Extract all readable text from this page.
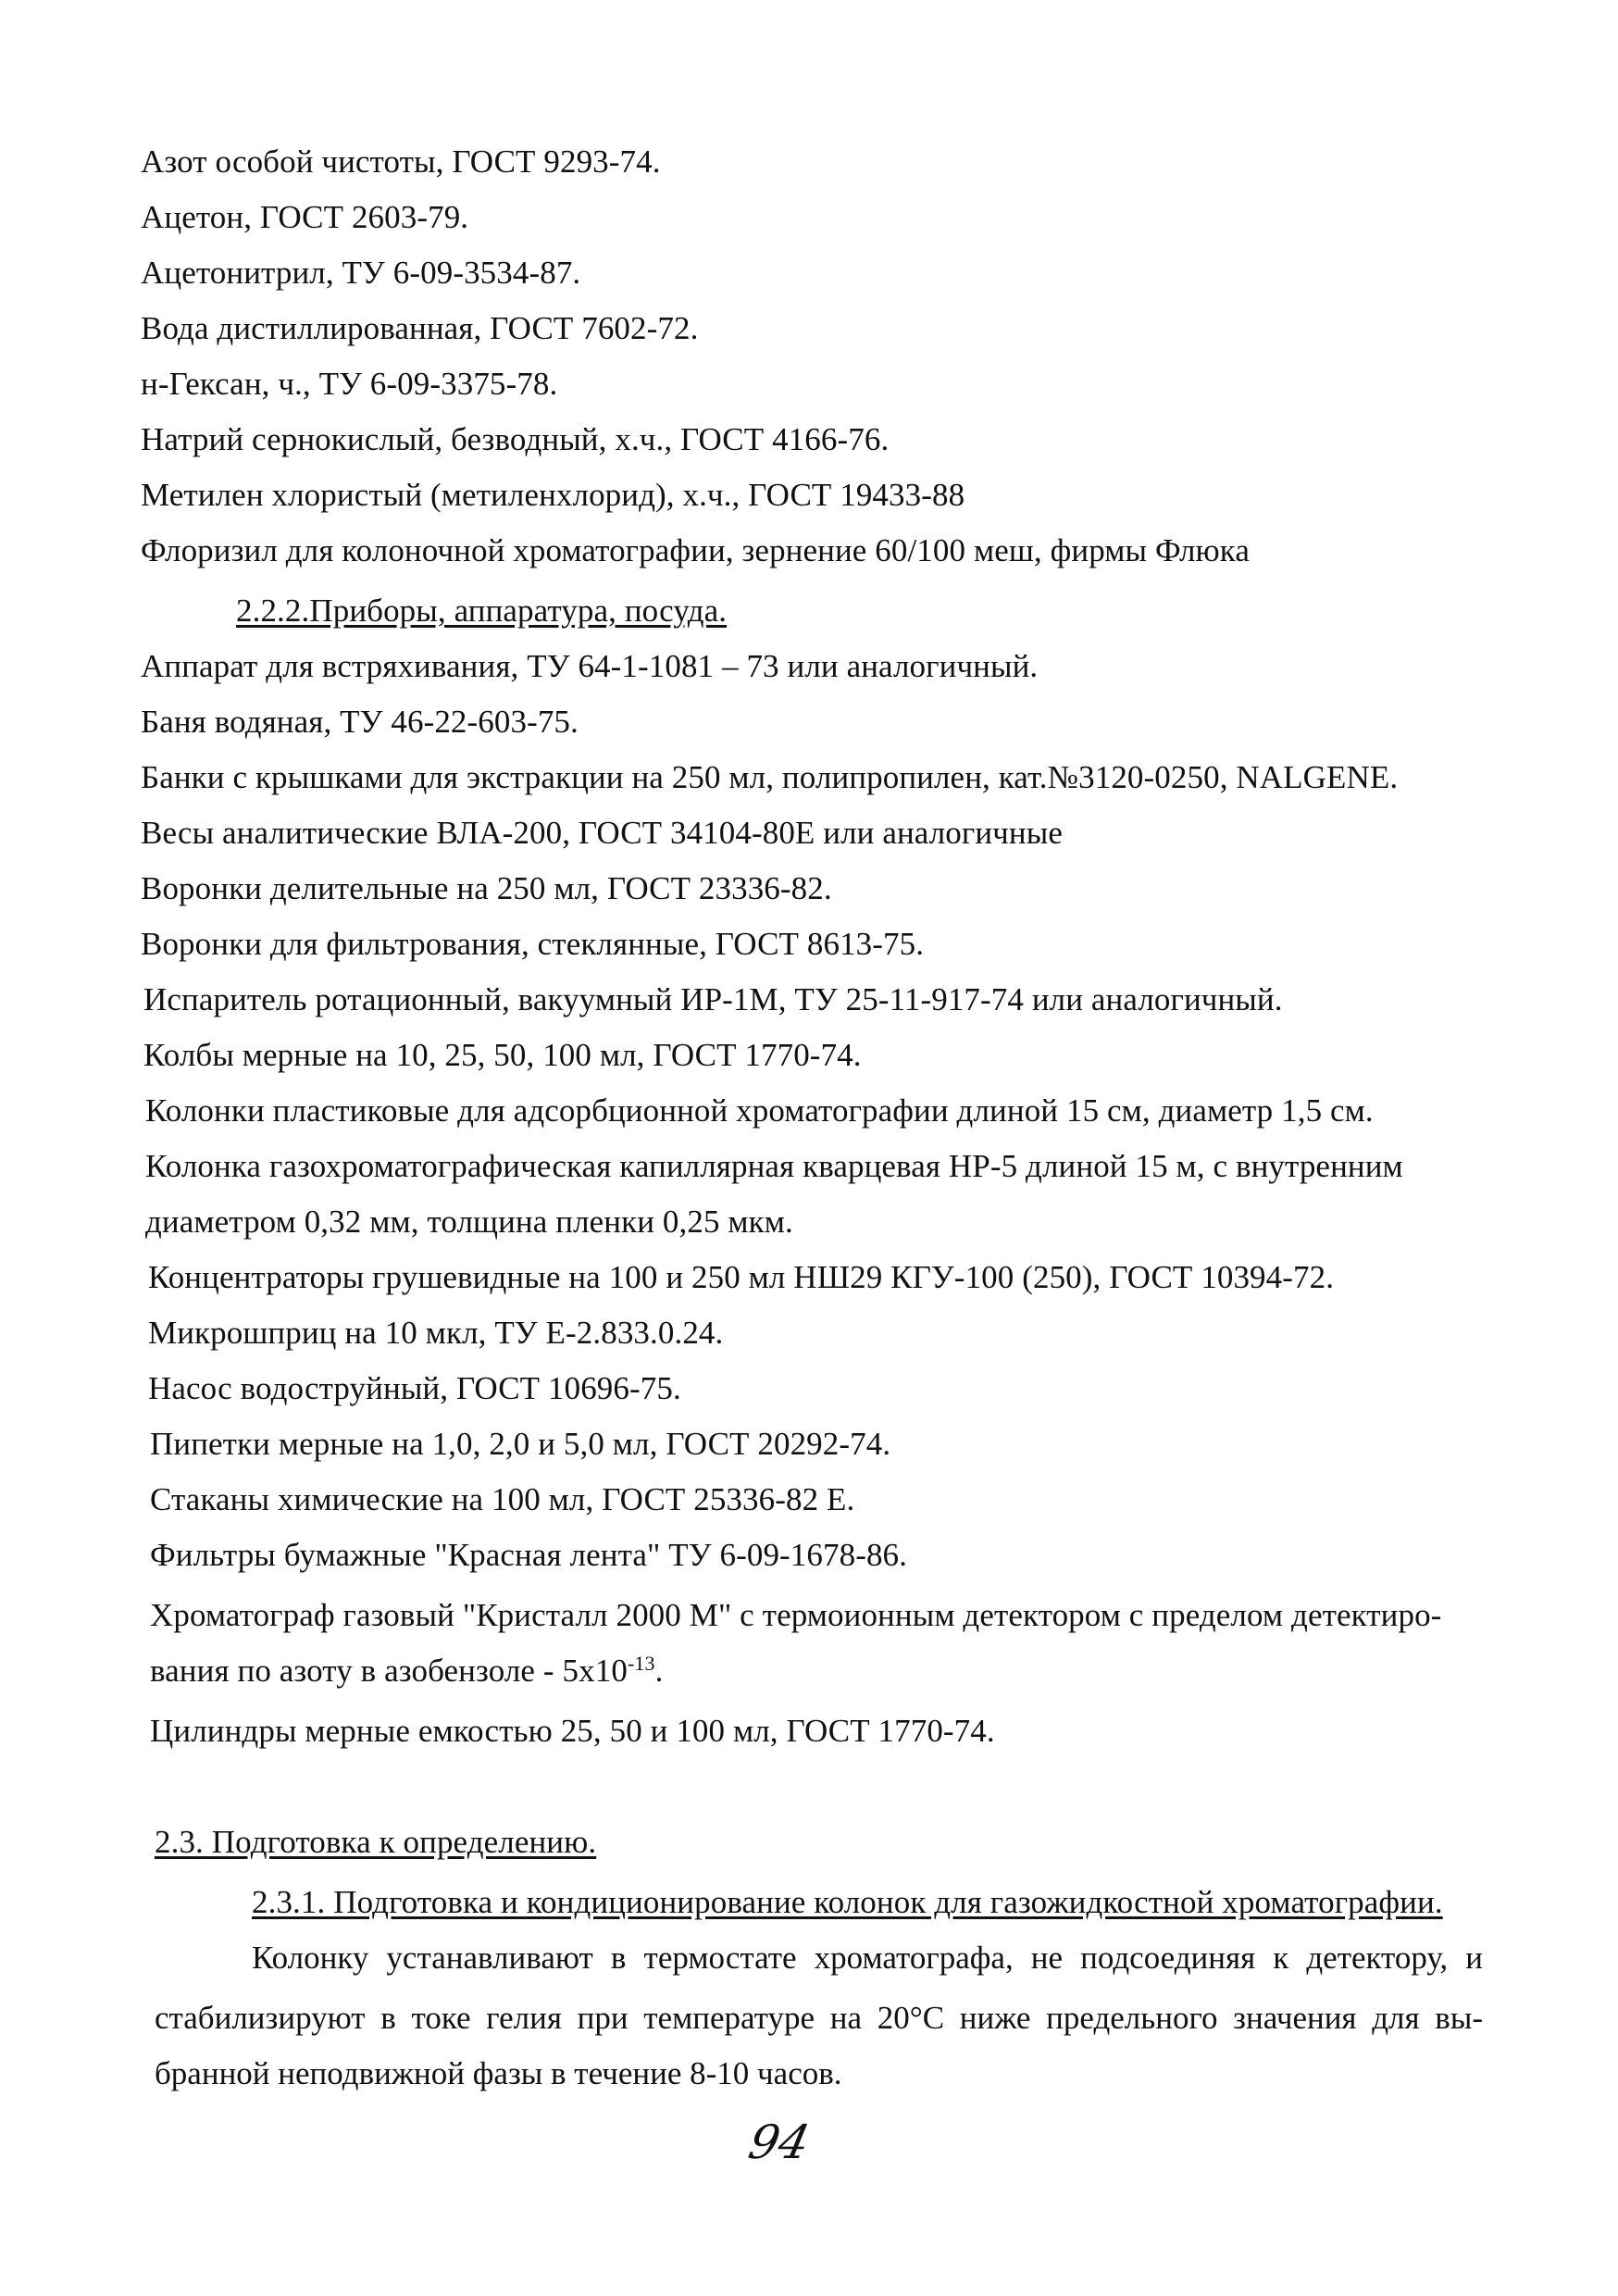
Азот особой чистоты, ГОСТ 9293-74.
Ацетон, ГОСТ 2603-79.
Ацетонитрил, ТУ 6-09-3534-87.
Вода дистиллированная, ГОСТ 7602-72.
н-Гексан, ч., ТУ 6-09-3375-78.
Натрий сернокислый, безводный, х.ч., ГОСТ 4166-76.
Метилен хлористый (метиленхлорид), х.ч., ГОСТ 19433-88
Флоризил для колоночной хроматографии, зернение 60/100 меш, фирмы Флюка
2.2.2.Приборы, аппаратура, посуда.
Аппарат для встряхивания, ТУ 64-1-1081 – 73 или аналогичный.
Баня водяная, ТУ 46-22-603-75.
Банки с крышками для экстракции на 250 мл, полипропилен, кат.№3120-0250, NALGENE.
Весы аналитические ВЛА-200, ГОСТ 34104-80Е или аналогичные
Воронки делительные на 250 мл, ГОСТ 23336-82.
Воронки для фильтрования, стеклянные, ГОСТ 8613-75.
Испаритель ротационный, вакуумный ИР-1М, ТУ 25-11-917-74 или аналогичный.
Колбы мерные на 10, 25, 50, 100 мл, ГОСТ 1770-74.
Колонки пластиковые для адсорбционной хроматографии длиной 15 см, диаметр 1,5 см.
Колонка газохроматографическая капиллярная кварцевая НР-5 длиной 15 м, с внутренним
диаметром 0,32 мм, толщина пленки 0,25 мкм.
Концентраторы грушевидные на 100 и 250 мл НШ29 КГУ-100 (250), ГОСТ 10394-72.
Микрошприц на 10 мкл, ТУ Е-2.833.0.24.
Насос водоструйный, ГОСТ 10696-75.
Пипетки мерные на 1,0, 2,0 и 5,0 мл, ГОСТ 20292-74.
Стаканы химические на 100 мл, ГОСТ 25336-82 Е.
Фильтры бумажные "Красная лента" ТУ 6-09-1678-86.
Хроматограф газовый "Кристалл 2000 М" с термоионным детектором с пределом детектиро-
вания по азоту в азобензоле - $5х10^{-13}$.
Цилиндры мерные емкостью 25, 50 и 100 мл, ГОСТ 1770-74.
2.3. Подготовка к определению.
2.3.1. Подготовка и кондиционирование колонок для газожидкостной хроматографии.
Колонку устанавливают в термостате хроматографа, не подсоединяя к детектору, и
стабилизируют в токе гелия при температуре на 20°С ниже предельного значения для вы-
бранной неподвижной фазы в течение 8-10 часов.
94
